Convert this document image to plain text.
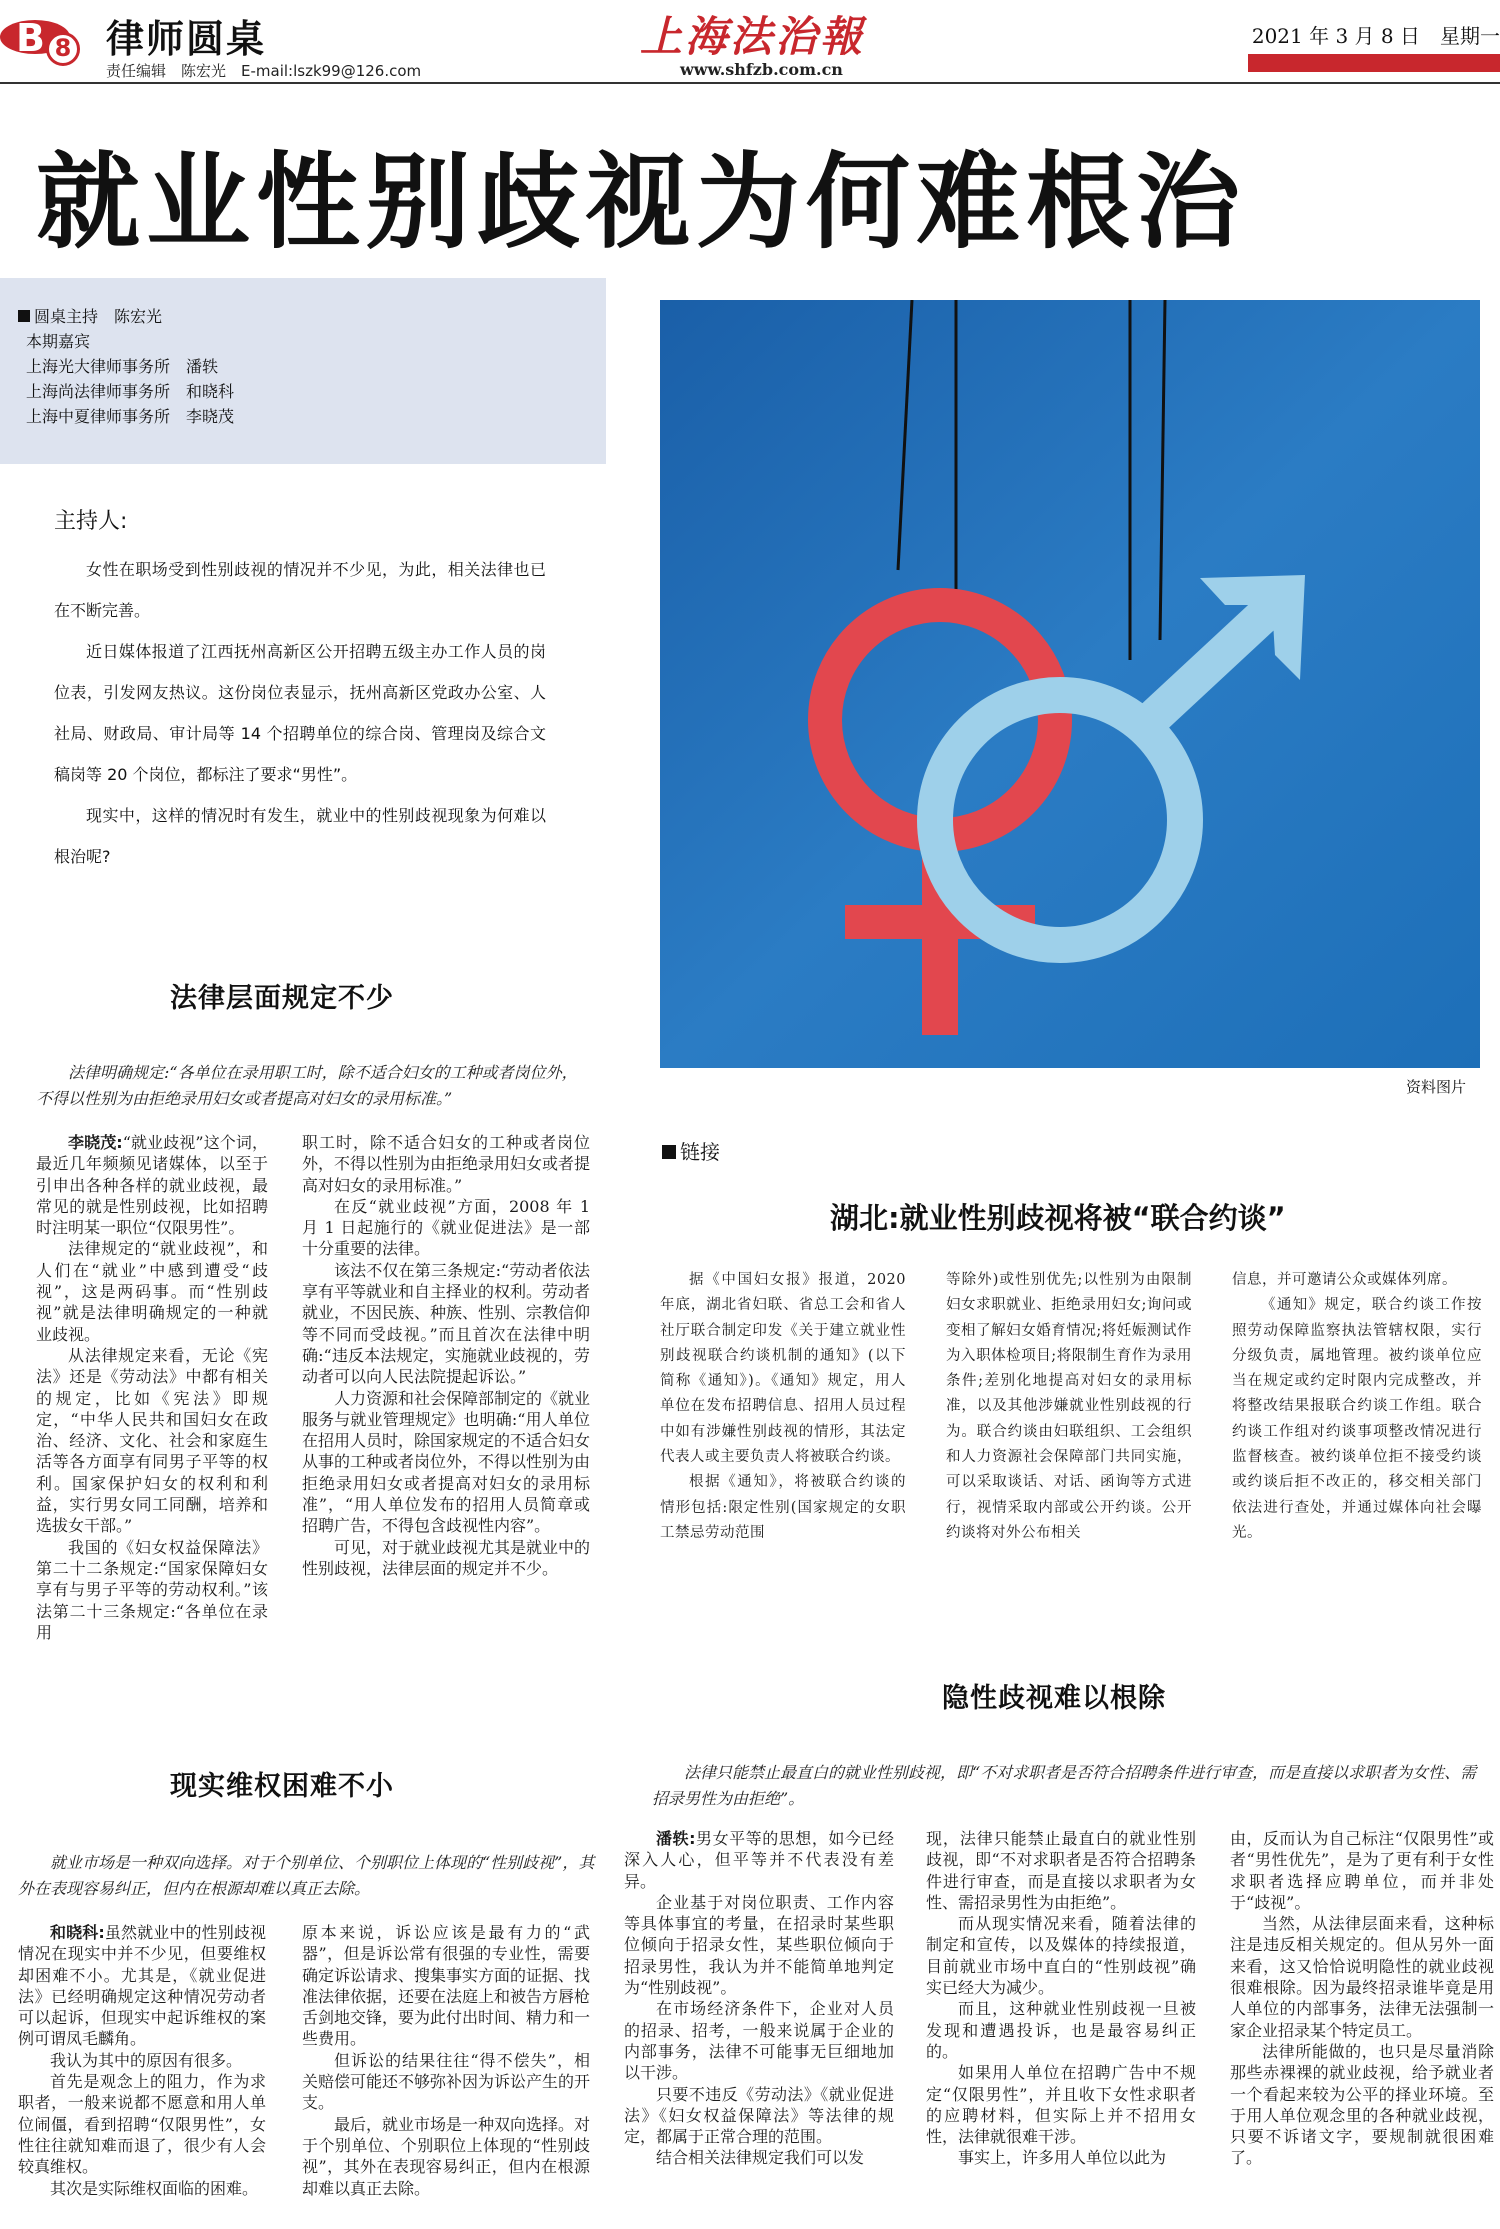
B 8 律师圆桌
责任编辑　陈宏光　E-mail:lszk99@126.com
上海法治報
www.shfzb.com.cn
2021 年 3 月 8 日　星期一
就业性别歧视为何难根治
圆桌主持　陈宏光
本期嘉宾
上海光大律师事务所　潘轶
上海尚法律师事务所　和晓科
上海中夏律师事务所　李晓茂
主持人:

女性在职场受到性别歧视的情况并不少见，为此，相关法律也已在不断完善。

近日媒体报道了江西抚州高新区公开招聘五级主办工作人员的岗位表，引发网友热议。这份岗位表显示，抚州高新区党政办公室、人社局、财政局、审计局等 14 个招聘单位的综合岗、管理岗及综合文稿岗等 20 个岗位，都标注了要求“男性”。

现实中，这样的情况时有发生，就业中的性别歧视现象为何难以根治呢?

法律层面规定不少
法律明确规定:“各单位在录用职工时，除不适合妇女的工种或者岗位外，不得以性别为由拒绝录用妇女或者提高对妇女的录用标准。”

李晓茂:“就业歧视”这个词，最近几年频频见诸媒体，以至于引申出各种各样的就业歧视，最常见的就是性别歧视，比如招聘时注明某一职位“仅限男性”。

法律规定的“就业歧视”，和人们在“就业”中感到遭受“歧视”，这是两码事。而“性别歧视”就是法律明确规定的一种就业歧视。

从法律规定来看，无论《宪法》还是《劳动法》中都有相关的规定，比如《宪法》即规定，“中华人民共和国妇女在政治、经济、文化、社会和家庭生活等各方面享有同男子平等的权利。国家保护妇女的权利和利益，实行男女同工同酬，培养和选拔女干部。”

我国的《妇女权益保障法》第二十二条规定:“国家保障妇女享有与男子平等的劳动权利。”该法第二十三条规定:“各单位在录用

职工时，除不适合妇女的工种或者岗位外，不得以性别为由拒绝录用妇女或者提高对妇女的录用标准。”

在反“就业歧视”方面，2008 年 1 月 1 日起施行的《就业促进法》是一部十分重要的法律。

该法不仅在第三条规定:“劳动者依法享有平等就业和自主择业的权利。劳动者就业，不因民族、种族、性别、宗教信仰等不同而受歧视。”而且首次在法律中明确:“违反本法规定，实施就业歧视的，劳动者可以向人民法院提起诉讼。”

人力资源和社会保障部制定的《就业服务与就业管理规定》也明确:“用人单位在招用人员时，除国家规定的不适合妇女从事的工种或者岗位外，不得以性别为由拒绝录用妇女或者提高对妇女的录用标准”，“用人单位发布的招用人员简章或招聘广告，不得包含歧视性内容”。

可见，对于就业歧视尤其是就业中的性别歧视，法律层面的规定并不少。

现实维权困难不小
就业市场是一种双向选择。对于个别单位、个别职位上体现的“性别歧视”，其外在表现容易纠正，但内在根源却难以真正去除。

和晓科:虽然就业中的性别歧视情况在现实中并不少见，但要维权却困难不小。尤其是，《就业促进法》已经明确规定这种情况劳动者可以起诉，但现实中起诉维权的案例可谓凤毛麟角。

我认为其中的原因有很多。

首先是观念上的阻力，作为求职者，一般来说都不愿意和用人单位闹僵，看到招聘“仅限男性”，女性往往就知难而退了，很少有人会较真维权。

其次是实际维权面临的困难。

原本来说，诉讼应该是最有力的“武器”，但是诉讼常有很强的专业性，需要确定诉讼请求、搜集事实方面的证据、找准法律依据，还要在法庭上和被告方唇枪舌剑地交锋，要为此付出时间、精力和一些费用。

但诉讼的结果往往“得不偿失”，相关赔偿可能还不够弥补因为诉讼产生的开支。

最后，就业市场是一种双向选择。对于个别单位、个别职位上体现的“性别歧视”，其外在表现容易纠正，但内在根源却难以真正去除。

资料图片
链接
湖北:就业性别歧视将被“联合约谈”

据《中国妇女报》报道，2020 年底，湖北省妇联、省总工会和省人社厅联合制定印发《关于建立就业性别歧视联合约谈机制的通知》(以下简称《通知》)。《通知》规定，用人单位在发布招聘信息、招用人员过程中如有涉嫌性别歧视的情形，其法定代表人或主要负责人将被联合约谈。

根据《通知》，将被联合约谈的情形包括:限定性别(国家规定的女职工禁忌劳动范围

等除外)或性别优先;以性别为由限制妇女求职就业、拒绝录用妇女;询问或变相了解妇女婚育情况;将妊娠测试作为入职体检项目;将限制生育作为录用条件;差别化地提高对妇女的录用标准，以及其他涉嫌就业性别歧视的行为。联合约谈由妇联组织、工会组织和人力资源社会保障部门共同实施，可以采取谈话、对话、函询等方式进行，视情采取内部或公开约谈。公开约谈将对外公布相关

信息，并可邀请公众或媒体列席。

《通知》规定，联合约谈工作按照劳动保障监察执法管辖权限，实行分级负责，属地管理。被约谈单位应当在规定或约定时限内完成整改，并将整改结果报联合约谈工作组。联合约谈工作组对约谈事项整改情况进行监督核查。被约谈单位拒不接受约谈或约谈后拒不改正的，移交相关部门依法进行查处，并通过媒体向社会曝光。

隐性歧视难以根除
法律只能禁止最直白的就业性别歧视，即“不对求职者是否符合招聘条件进行审查，而是直接以求职者为女性、需招录男性为由拒绝”。

潘轶:男女平等的思想，如今已经深入人心，但平等并不代表没有差异。

企业基于对岗位职责、工作内容等具体事宜的考量，在招录时某些职位倾向于招录女性，某些职位倾向于招录男性，我认为并不能简单地判定为“性别歧视”。

在市场经济条件下，企业对人员的招录、招考，一般来说属于企业的内部事务，法律不可能事无巨细地加以干涉。

只要不违反《劳动法》《就业促进法》《妇女权益保障法》等法律的规定，都属于正常合理的范围。

结合相关法律规定我们可以发

现，法律只能禁止最直白的就业性别歧视，即“不对求职者是否符合招聘条件进行审查，而是直接以求职者为女性、需招录男性为由拒绝”。

而从现实情况来看，随着法律的制定和宣传，以及媒体的持续报道，目前就业市场中直白的“性别歧视”确实已经大为减少。

而且，这种就业性别歧视一旦被发现和遭遇投诉，也是最容易纠正的。

如果用人单位在招聘广告中不规定“仅限男性”，并且收下女性求职者的应聘材料，但实际上并不招用女性，法律就很难干涉。

事实上，许多用人单位以此为

由，反而认为自己标注“仅限男性”或者“男性优先”，是为了更有利于女性求职者选择应聘单位，而并非处于“歧视”。

当然，从法律层面来看，这种标注是违反相关规定的。但从另外一面来看，这又恰恰说明隐性的就业歧视很难根除。因为最终招录谁毕竟是用人单位的内部事务，法律无法强制一家企业招录某个特定员工。

法律所能做的，也只是尽量消除那些赤裸裸的就业歧视，给予就业者一个看起来较为公平的择业环境。至于用人单位观念里的各种就业歧视，只要不诉诸文字，要规制就很困难了。
